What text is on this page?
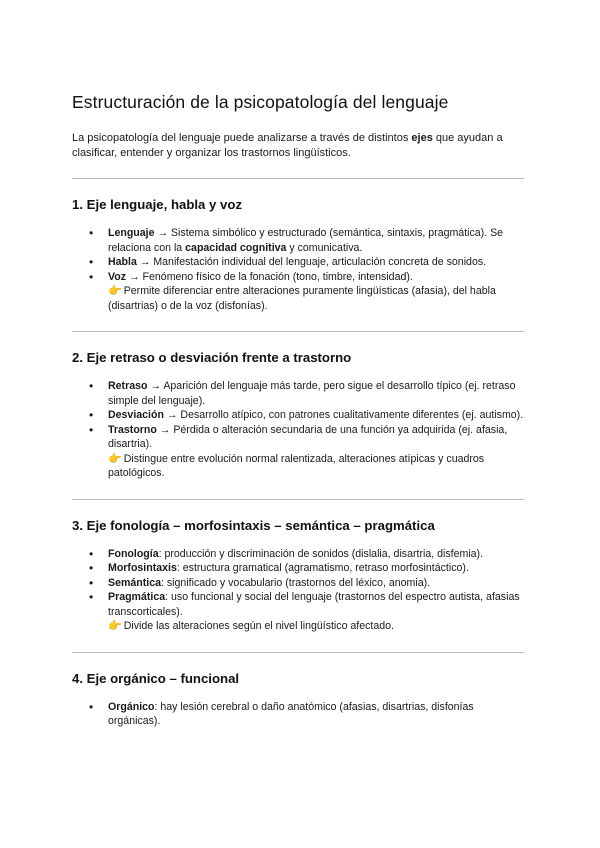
Estructuración de la psicopatología del lenguaje

La psicopatología del lenguaje puede analizarse a través de distintos ejes que ayudan a clasificar, entender y organizar los trastornos lingüísticos.

1. Eje lenguaje, habla y voz
• Lenguaje → Sistema simbólico y estructurado (semántica, sintaxis, pragmática). Se relaciona con la capacidad cognitiva y comunicativa.
• Habla → Manifestación individual del lenguaje, articulación concreta de sonidos.
• Voz → Fenómeno físico de la fonación (tono, timbre, intensidad).
👉 Permite diferenciar entre alteraciones puramente lingüísticas (afasia), del habla (disartrias) o de la voz (disfonías).
2. Eje retraso o desviación frente a trastorno
• Retraso → Aparición del lenguaje más tarde, pero sigue el desarrollo típico (ej. retraso simple del lenguaje).
• Desviación → Desarrollo atípico, con patrones cualitativamente diferentes (ej. autismo).
• Trastorno → Pérdida o alteración secundaria de una función ya adquirida (ej. afasia, disartria).
👉 Distingue entre evolución normal ralentizada, alteraciones atípicas y cuadros patológicos.
3. Eje fonología – morfosintaxis – semántica – pragmática
• Fonología: producción y discriminación de sonidos (dislalia, disartria, disfemia).
• Morfosintaxis: estructura gramatical (agramatismo, retraso morfosintáctico).
• Semántica: significado y vocabulario (trastornos del léxico, anomia).
• Pragmática: uso funcional y social del lenguaje (trastornos del espectro autista, afasias transcorticales).
👉 Divide las alteraciones según el nivel lingüístico afectado.
4. Eje orgánico – funcional
• Orgánico: hay lesión cerebral o daño anatómico (afasias, disartrias, disfonías orgánicas).
